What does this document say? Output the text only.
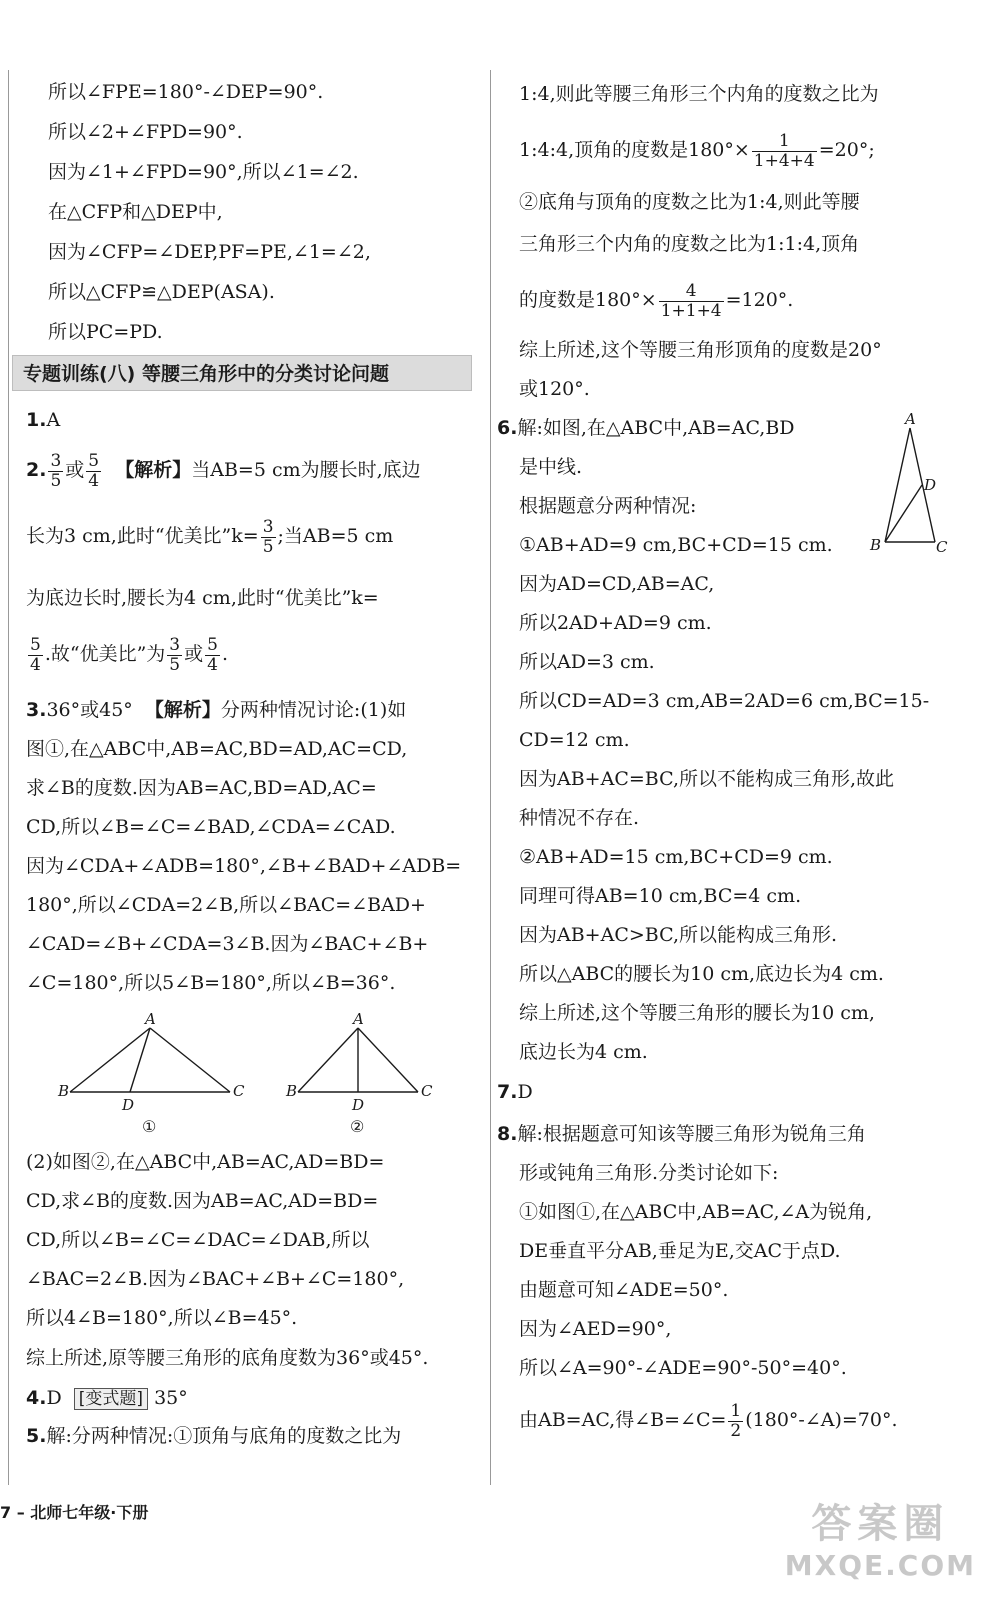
所以∠FPE=180°-∠DEP=90°.
所以∠2+∠FPD=90°.
因为∠1+∠FPD=90°,所以∠1=∠2.
在△CFP和△DEP中,
因为∠CFP=∠DEP,PF=PE,∠1=∠2,
所以△CFP≌△DEP(ASA).
所以PC=PD.
专题训练(八) 等腰三角形中的分类讨论问题
1.A
2. $\frac{3}{5}$ 或 $\frac{5}{4}$ 【解析】当AB=5 cm为腰长时,底边
长为3 cm,此时“优美比”k= $\frac{3}{5}$ ;当AB=5 cm
为底边长时,腰长为4 cm,此时“优美比”k=
$\frac{5}{4}$ .故“优美比”为 $\frac{3}{5}$ 或 $\frac{5}{4}$ .
3.36°或45° 【解析】分两种情况讨论:(1)如
图①,在△ABC中,AB=AC,BD=AD,AC=CD,
求∠B的度数.因为AB=AC,BD=AD,AC=
CD,所以∠B=∠C=∠BAD,∠CDA=∠CAD.
因为∠CDA+∠ADB=180°,∠B+∠BAD+∠ADB=
180°,所以∠CDA=2∠B,所以∠BAC=∠BAD+
∠CAD=∠B+∠CDA=3∠B.因为∠BAC+∠B+
∠C=180°,所以5∠B=180°,所以∠B=36°.
A
B	C
D
①
A
B	C
D
②
(2)如图②,在△ABC中,AB=AC,AD=BD=
CD,求∠B的度数.因为AB=AC,AD=BD=
CD,所以∠B=∠C=∠DAC=∠DAB,所以
∠BAC=2∠B.因为∠BAC+∠B+∠C=180°,
所以4∠B=180°,所以∠B=45°.
综上所述,原等腰三角形的底角度数为36°或45°.
4.D [变式题] 35°
5.解:分两种情况:①顶角与底角的度数之比为
1:4,则此等腰三角形三个内角的度数之比为
1:4:4,顶角的度数是$180^\circ\times \frac{1}{1+4+4} =20^\circ$;
②底角与顶角的度数之比为1:4,则此等腰
三角形三个内角的度数之比为1:1:4,顶角
的度数是$180^\circ\times \frac{4}{1+1+4} =120^\circ$.
综上所述,这个等腰三角形顶角的度数是20°
或120°.
6.解:如图,在△ABC中,AB=AC,BD
是中线.
根据题意分两种情况:
①AB+AD=9 cm,BC+CD=15 cm.
因为AD=CD,AB=AC,
所以2AD+AD=9 cm.
所以AD=3 cm.
所以CD=AD=3 cm,AB=2AD=6 cm,BC=15-
CD=12 cm.
因为AB+AC=BC,所以不能构成三角形,故此
种情况不存在.
②AB+AD=15 cm,BC+CD=9 cm.
同理可得AB=10 cm,BC=4 cm.
因为AB+AC>BC,所以能构成三角形.
所以△ABC的腰长为10 cm,底边长为4 cm.
综上所述,这个等腰三角形的腰长为10 cm,
底边长为4 cm.
7.D
8.解:根据题意可知该等腰三角形为锐角三角
形或钝角三角形.分类讨论如下:
①如图①,在△ABC中,AB=AC,∠A为锐角,
DE垂直平分AB,垂足为E,交AC于点D.
由题意可知∠ADE=50°.
因为∠AED=90°,
所以∠A=90°-∠ADE=90°-50°=40°.
由AB=AC,得∠B=∠C= $\frac{1}{2}$ (180°-∠A)=70°.
A
D
B	C
7 – 北师七年级·下册	答案圈
MXQE.COM
